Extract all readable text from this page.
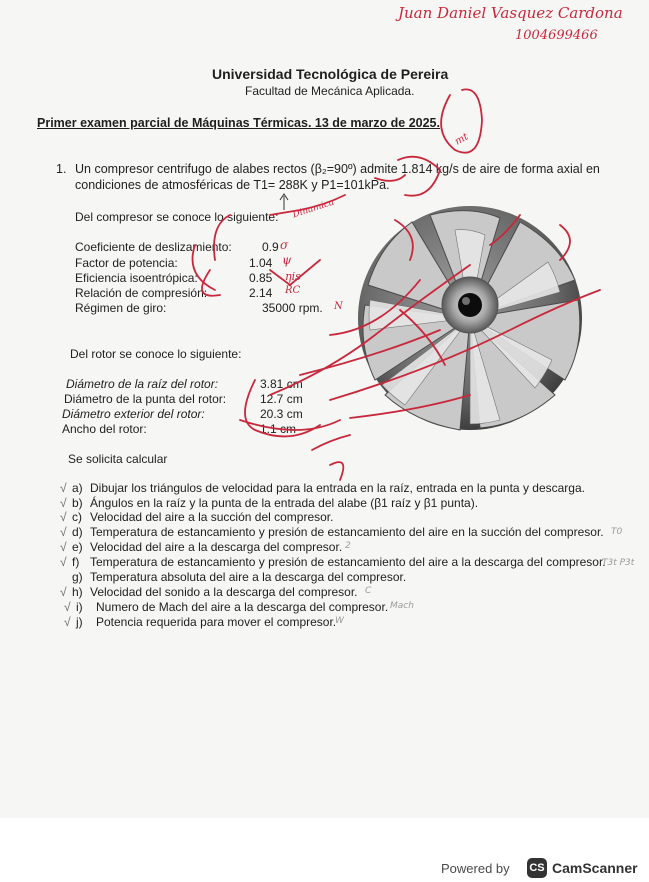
Juan Daniel Vasquez Cardona
1004699466
Universidad Tecnológica de Pereira
Facultad de Mecánica Aplicada.
Primer examen parcial de Máquinas Térmicas. 13 de marzo de 2025.
1. Un compresor centrifugo de alabes rectos (β₂=90º) admite 1.814 kg/s de aire de forma axial en
condiciones de atmosféricas de T1= 288K y P1=101kPa.
Del compresor se conoce lo siguiente:
Coeficiente de deslizamiento:	0.9
Factor de potencia:	1.04
Eficiencia isoentrópica:	0.85
Relación de compresión:	2.14
Régimen de giro:	35000 rpm.
σ
ψ
ηis
RC
N
Dinamica
mt
Del rotor se conoce lo siguiente:
Diámetro de la raíz del rotor:	3.81 cm
Diámetro de la punta del rotor:	12.7 cm
Diámetro exterior del rotor:	20.3 cm
Ancho del rotor:	1.1 cm
Se solicita calcular
√ a) Dibujar los triángulos de velocidad para la entrada en la raíz, entrada en la punta y descarga.
√ b) Ángulos en la raíz y la punta de la entrada del alabe (β1 raíz y β1 punta).
√ c) Velocidad del aire a la succión del compresor.
√ d) Temperatura de estancamiento y presión de estancamiento del aire en la succión del compresor. T0
√ e) Velocidad del aire a la descarga del compresor. 2
√ f) Temperatura de estancamiento y presión de estancamiento del aire a la descarga del compresor.
T3t P3t
g) Temperatura absoluta del aire a la descarga del compresor.
√ h) Velocidad del sonido a la descarga del compresor. C
√ i) Numero de Mach del aire a la descarga del compresor. Mach
√ j) Potencia requerida para mover el compresor.
W
Powered by CS CamScanner
